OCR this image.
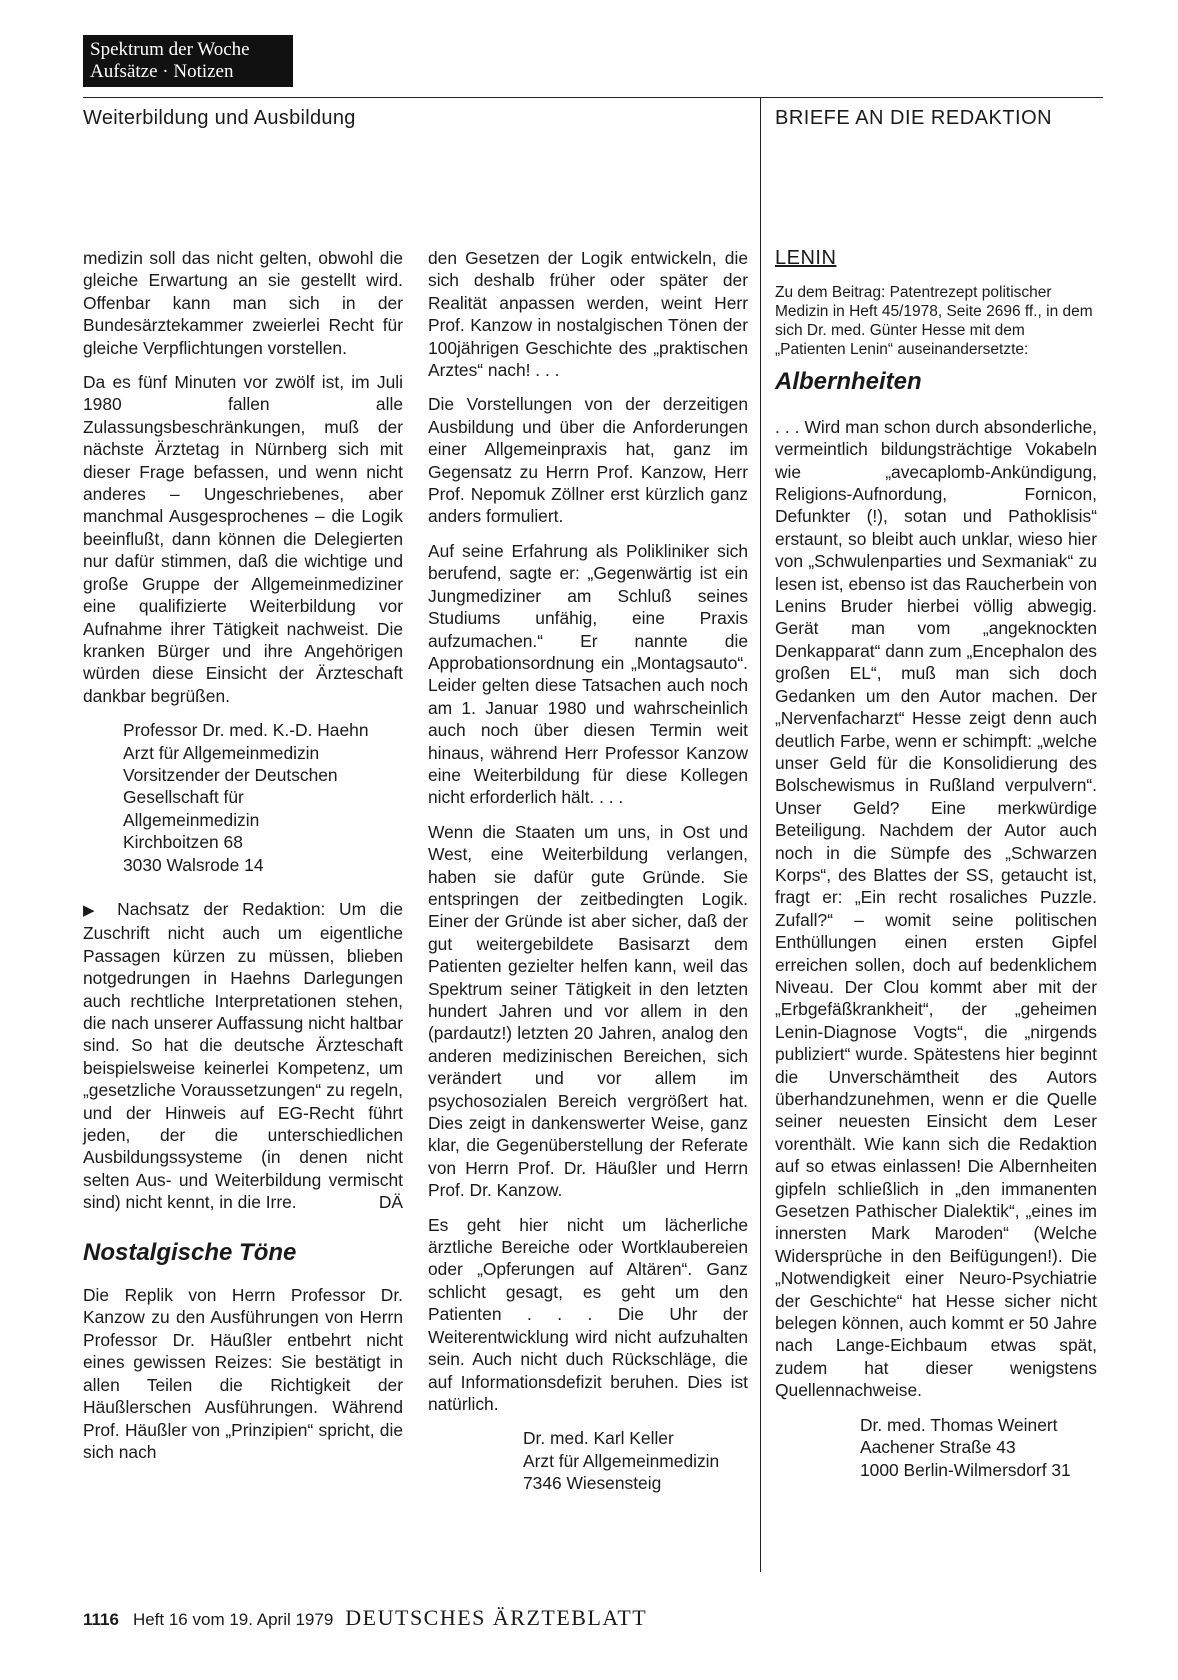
Spektrum der Woche
Aufsätze · Notizen
Weiterbildung und Ausbildung	BRIEFE AN DIE REDAKTION

medizin soll das nicht gelten, obwohl die gleiche Erwartung an sie gestellt wird. Offenbar kann man sich in der Bundesärztekammer zweierlei Recht für gleiche Verpflichtungen vorstellen.

Da es fünf Minuten vor zwölf ist, im Juli 1980 fallen alle Zulassungsbeschränkungen, muß der nächste Ärztetag in Nürnberg sich mit dieser Frage befassen, und wenn nicht anderes – Ungeschriebenes, aber manchmal Ausgesprochenes – die Logik beeinflußt, dann können die Delegierten nur dafür stimmen, daß die wichtige und große Gruppe der Allgemeinmediziner eine qualifizierte Weiterbildung vor Aufnahme ihrer Tätigkeit nachweist. Die kranken Bürger und ihre Angehörigen würden diese Einsicht der Ärzteschaft dankbar begrüßen.

Professor Dr. med. K.-D. Haehn
Arzt für Allgemeinmedizin
Vorsitzender der Deutschen
Gesellschaft für
Allgemeinmedizin
Kirchboitzen 68
3030 Walsrode 14

▶ Nachsatz der Redaktion: Um die Zuschrift nicht auch um eigentliche Passagen kürzen zu müssen, blieben notgedrungen in Haehns Darlegungen auch rechtliche Interpretationen stehen, die nach unserer Auffassung nicht haltbar sind. So hat die deutsche Ärzteschaft beispielsweise keinerlei Kompetenz, um „gesetzliche Voraussetzungen“ zu regeln, und der Hinweis auf EG-Recht führt jeden, der die unterschiedlichen Ausbildungssysteme (in denen nicht selten Aus- und Weiterbildung vermischt sind) nicht kennt, in die Irre.	DÄ

Nostalgische Töne

Die Replik von Herrn Professor Dr. Kanzow zu den Ausführungen von Herrn Professor Dr. Häußler entbehrt nicht eines gewissen Reizes: Sie bestätigt in allen Teilen die Richtigkeit der Häußlerschen Ausführungen. Während Prof. Häußler von „Prinzipien“ spricht, die sich nach

den Gesetzen der Logik entwickeln, die sich deshalb früher oder später der Realität anpassen werden, weint Herr Prof. Kanzow in nostalgischen Tönen der 100jährigen Geschichte des „praktischen Arztes“ nach! . . .

Die Vorstellungen von der derzeitigen Ausbildung und über die Anforderungen einer Allgemeinpraxis hat, ganz im Gegensatz zu Herrn Prof. Kanzow, Herr Prof. Nepomuk Zöllner erst kürzlich ganz anders formuliert.

Auf seine Erfahrung als Polikliniker sich berufend, sagte er: „Gegenwärtig ist ein Jungmediziner am Schluß seines Studiums unfähig, eine Praxis aufzumachen.“ Er nannte die Approbationsordnung ein „Montagsauto“. Leider gelten diese Tatsachen auch noch am 1. Januar 1980 und wahrscheinlich auch noch über diesen Termin weit hinaus, während Herr Professor Kanzow eine Weiterbildung für diese Kollegen nicht erforderlich hält. . . .

Wenn die Staaten um uns, in Ost und West, eine Weiterbildung verlangen, haben sie dafür gute Gründe. Sie entspringen der zeitbedingten Logik. Einer der Gründe ist aber sicher, daß der gut weitergebildete Basisarzt dem Patienten gezielter helfen kann, weil das Spektrum seiner Tätigkeit in den letzten hundert Jahren und vor allem in den (pardautz!) letzten 20 Jahren, analog den anderen medizinischen Bereichen, sich verändert und vor allem im psychosozialen Bereich vergrößert hat. Dies zeigt in dankenswerter Weise, ganz klar, die Gegenüberstellung der Referate von Herrn Prof. Dr. Häußler und Herrn Prof. Dr. Kanzow.

Es geht hier nicht um lächerliche ärztliche Bereiche oder Wortklaubereien oder „Opferungen auf Altären“. Ganz schlicht gesagt, es geht um den Patienten . . . Die Uhr der Weiterentwicklung wird nicht aufzuhalten sein. Auch nicht duch Rückschläge, die auf Informationsdefizit beruhen. Dies ist natürlich.

Dr. med. Karl Keller
Arzt für Allgemeinmedizin
7346 Wiesensteig
LENIN

Zu dem Beitrag: Patentrezept politischer Medizin in Heft 45/1978, Seite 2696 ff., in dem sich Dr. med. Günter Hesse mit dem „Patienten Lenin“ auseinandersetzte:

Albernheiten

. . . Wird man schon durch absonderliche, vermeintlich bildungsträchtige Vokabeln wie „avecaplomb-Ankündigung, Religions-Aufnordung, Fornicon, Defunkter (!), sotan und Pathoklisis“ erstaunt, so bleibt auch unklar, wieso hier von „Schwulenparties und Sexmaniak“ zu lesen ist, ebenso ist das Raucherbein von Lenins Bruder hierbei völlig abwegig. Gerät man vom „angeknockten Denkapparat“ dann zum „Encephalon des großen EL“, muß man sich doch Gedanken um den Autor machen. Der „Nervenfacharzt“ Hesse zeigt denn auch deutlich Farbe, wenn er schimpft: „welche unser Geld für die Konsolidierung des Bolschewismus in Rußland verpulvern“. Unser Geld? Eine merkwürdige Beteiligung. Nachdem der Autor auch noch in die Sümpfe des „Schwarzen Korps“, des Blattes der SS, getaucht ist, fragt er: „Ein recht rosaliches Puzzle. Zufall?“ – womit seine politischen Enthüllungen einen ersten Gipfel erreichen sollen, doch auf bedenklichem Niveau. Der Clou kommt aber mit der „Erbgefäßkrankheit“, der „geheimen Lenin-Diagnose Vogts“, die „nirgends publiziert“ wurde. Spätestens hier beginnt die Unverschämtheit des Autors überhandzunehmen, wenn er die Quelle seiner neuesten Einsicht dem Leser vorenthält. Wie kann sich die Redaktion auf so etwas einlassen! Die Albernheiten gipfeln schließlich in „den immanenten Gesetzen Pathischer Dialektik“, „eines im innersten Mark Maroden“ (Welche Widersprüche in den Beifügungen!). Die „Notwendigkeit einer Neuro-Psychiatrie der Geschichte“ hat Hesse sicher nicht belegen können, auch kommt er 50 Jahre nach Lange-Eichbaum etwas spät, zudem hat dieser wenigstens Quellennachweise.

Dr. med. Thomas Weinert
Aachener Straße 43
1000 Berlin-Wilmersdorf 31
1116 Heft 16 vom 19. April 1979 DEUTSCHES ÄRZTEBLATT
